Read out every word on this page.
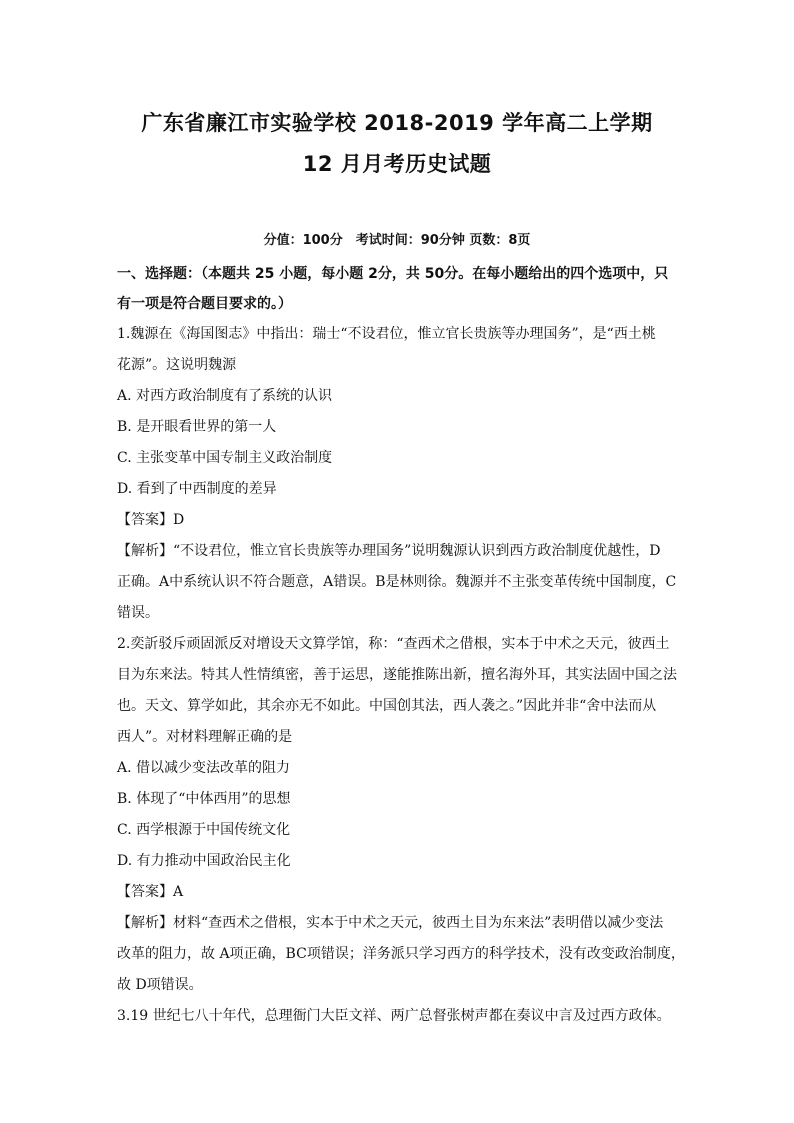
广东省廉江市实验学校 2018-2019 学年高二上学期
12 月月考历史试题
分值：100分　考试时间：90分钟 页数：8页
一、选择题：（本题共 25 小题，每小题 2分，共 50分。在每小题给出的四个选项中，只
有一项是符合题目要求的。）
1.魏源在《海国图志》中指出：瑞士“不设君位，惟立官长贵族等办理国务”，是“西土桃
花源”。这说明魏源
A. 对西方政治制度有了系统的认识
B. 是开眼看世界的第一人
C. 主张变革中国专制主义政治制度
D. 看到了中西制度的差异
【答案】D
【解析】“不设君位，惟立官长贵族等办理国务”说明魏源认识到西方政治制度优越性，D
正确。A中系统认识不符合题意，A错误。B是林则徐。魏源并不主张变革传统中国制度，C
错误。
2.奕訢驳斥顽固派反对增设天文算学馆，称：“查西术之借根，实本于中术之天元，彼西土
目为东来法。特其人性情缜密，善于运思，遂能推陈出新，擅名海外耳，其实法固中国之法
也。天文、算学如此，其余亦无不如此。中国创其法，西人袭之。”因此并非“舍中法而从
西人”。对材料理解正确的是
A. 借以减少变法改革的阻力
B. 体现了“中体西用”的思想
C. 西学根源于中国传统文化
D. 有力推动中国政治民主化
【答案】A
【解析】材料“查西术之借根，实本于中术之天元，彼西土目为东来法”表明借以减少变法
改革的阻力，故 A项正确，BC项错误；洋务派只学习西方的科学技术，没有改变政治制度，
故 D项错误。
3.19 世纪七八十年代，总理衙门大臣文祥、两广总督张树声都在奏议中言及过西方政体。
